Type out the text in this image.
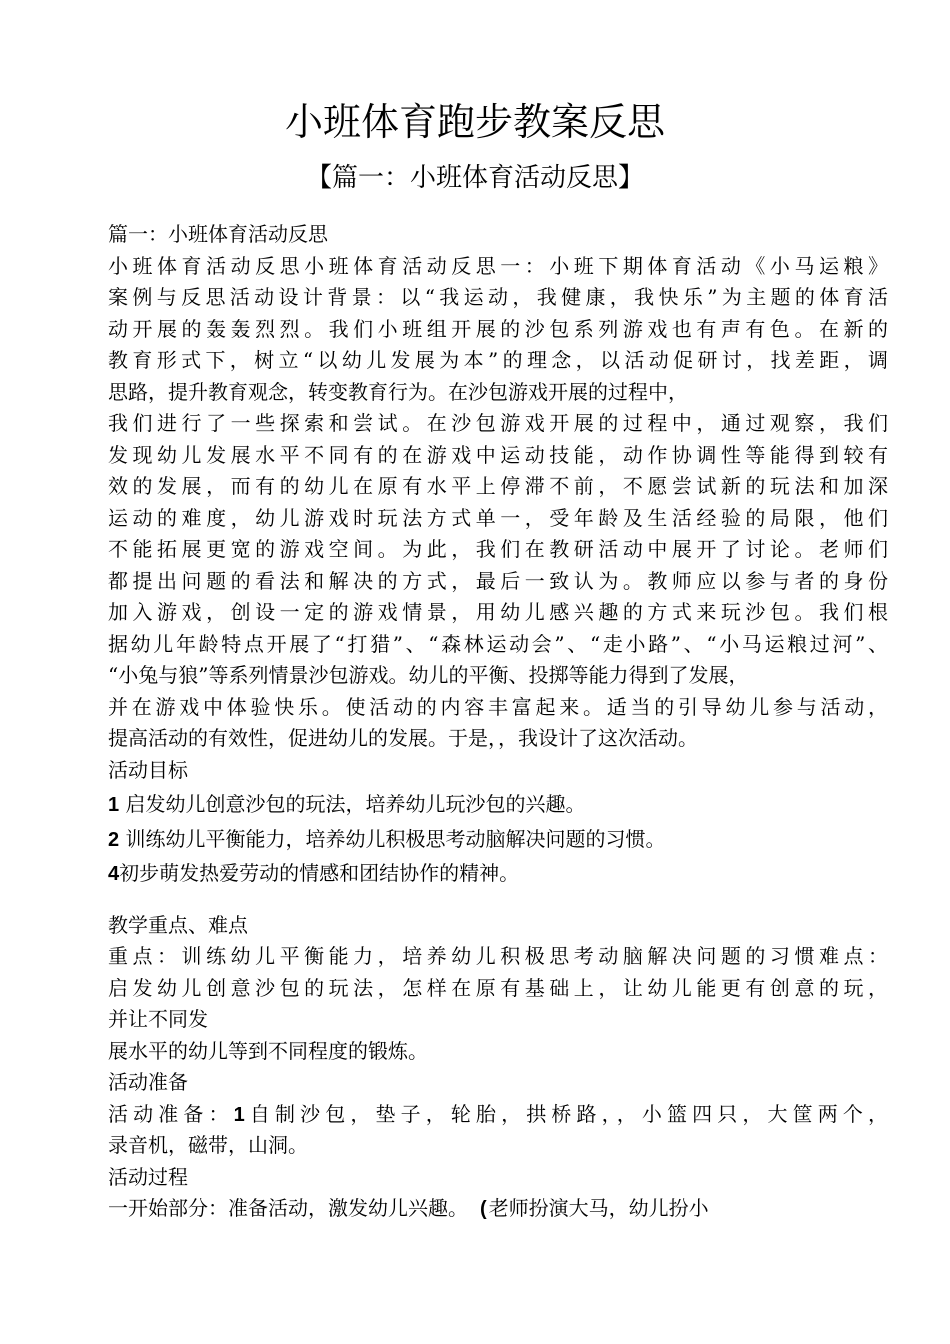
小班体育跑步教案反思
【篇一：小班体育活动反思】
篇一：小班体育活动反思
小班体育活动反思小班体育活动反思一：小班下期体育活动《小马运粮》
案例与反思活动设计背景：以“我运动，我健康，我快乐”为主题的体育活
动开展的轰轰烈烈。我们小班组开展的沙包系列游戏也有声有色。在新的
教育形式下，树立“以幼儿发展为本”的理念，以活动促研讨，找差距，调
思路，提升教育观念，转变教育行为。在沙包游戏开展的过程中，
我们进行了一些探索和尝试。在沙包游戏开展的过程中，通过观察，我们
发现幼儿发展水平不同有的在游戏中运动技能，动作协调性等能得到较有
效的发展，而有的幼儿在原有水平上停滞不前，不愿尝试新的玩法和加深
运动的难度，幼儿游戏时玩法方式单一，受年龄及生活经验的局限，他们
不能拓展更宽的游戏空间。为此，我们在教研活动中展开了讨论。老师们
都提出问题的看法和解决的方式，最后一致认为。教师应以参与者的身份
加入游戏，创设一定的游戏情景，用幼儿感兴趣的方式来玩沙包。我们根
据幼儿年龄特点开展了“打猎”、“森林运动会”、“走小路”、“小马运粮过河”、
“小兔与狼”等系列情景沙包游戏。幼儿的平衡、投掷等能力得到了发展，
并在游戏中体验快乐。使活动的内容丰富起来。适当的引导幼儿参与活动，
提高活动的有效性，促进幼儿的发展。于是，，我设计了这次活动。
活动目标
1 启发幼儿创意沙包的玩法，培养幼儿玩沙包的兴趣。
2 训练幼儿平衡能力，培养幼儿积极思考动脑解决问题的习惯。
4初步萌发热爱劳动的情感和团结协作的精神。
教学重点、难点
重点：训练幼儿平衡能力，培养幼儿积极思考动脑解决问题的习惯难点：
启发幼儿创意沙包的玩法，怎样在原有基础上，让幼儿能更有创意的玩，
并让不同发
展水平的幼儿等到不同程度的锻炼。
活动准备
活动准备：1自制沙包，垫子，轮胎，拱桥路，，小篮四只，大筐两个，
录音机，磁带，山洞。
活动过程
一开始部分：准备活动，激发幼儿兴趣。 ( 老师扮演大马，幼儿扮小
